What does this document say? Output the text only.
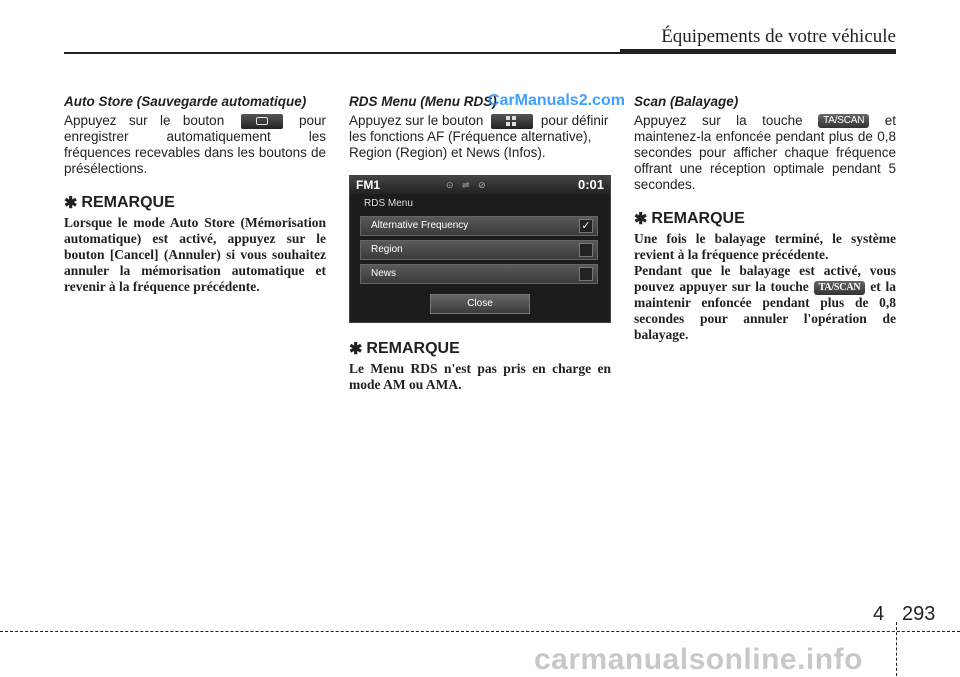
Équipements de votre véhicule

Auto Store (Sauvegarde automatique)

Appuyez sur le bouton	pour enregistrer automatiquement les fréquences recevables dans les boutons de présélections.

✱ REMARQUE

Lorsque le mode Auto Store (Mémorisation automatique) est activé, appuyez sur le bouton [Cancel] (Annuler) si vous souhaitez annuler la mémorisation automatique et revenir à la fréquence précédente.

RDS Menu (Menu RDS)

Appuyez sur le bouton	pour définir les fonctions AF (Fréquence alternative), Region (Region) et News (Infos).

FM1	⊙ ⇌ ⊘	0:01
RDS Menu
Alternative Frequency	✓
Region
News
Close
✱ REMARQUE

Le Menu RDS n'est pas pris en charge en mode AM ou AMA.

CarManuals2.com Scan (Balayage)

Appuyez sur la touche TA/SCAN et maintenez-la enfoncée pendant plus de 0,8 secondes pour afficher chaque fréquence offrant une réception optimale pendant 5 secondes.

✱ REMARQUE

Une fois le balayage terminé, le système revient à la fréquence précédente.

Pendant que le balayage est activé, vous pouvez appuyer sur la touche TA/SCAN et la maintenir enfoncée pendant plus de 0,8 secondes pour annuler l'opération de balayage.

4 293
carmanualsonline.info
